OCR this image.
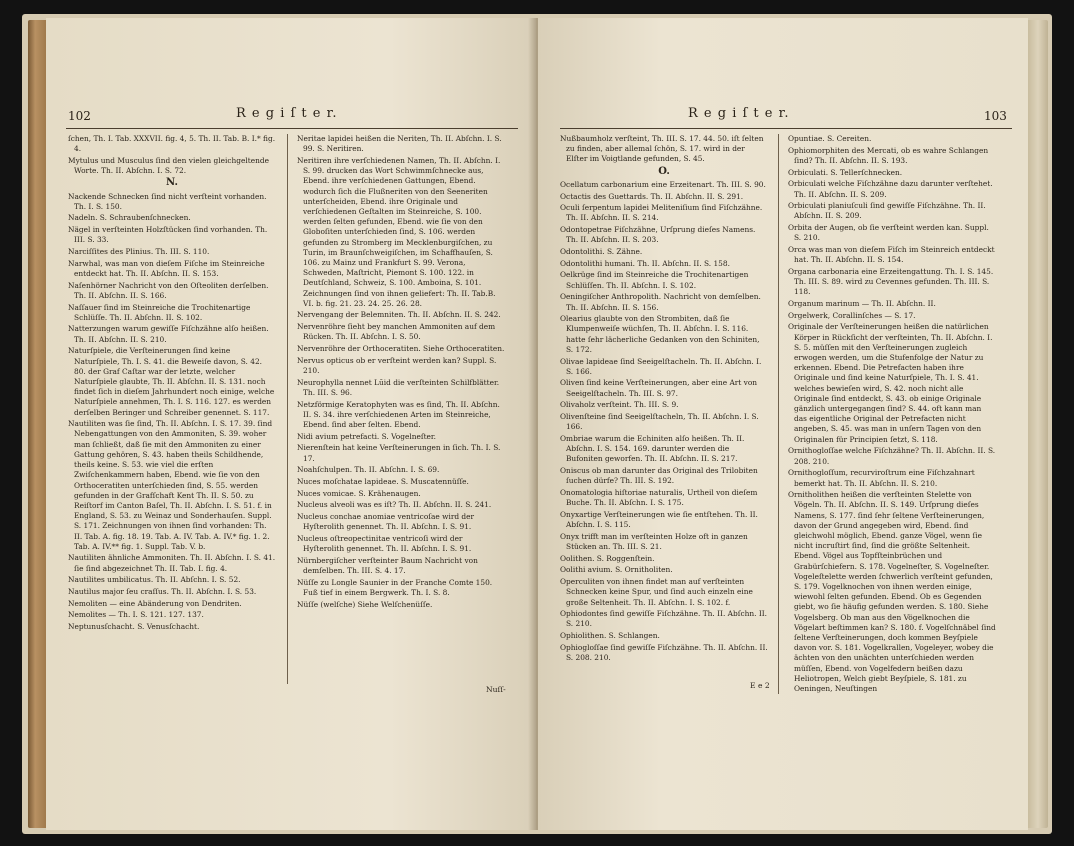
102	R e g i ſ t e r.

ſchen, Th. I. Tab. XXXVII. fig. 4, 5. Th. II. Tab. B. I.* fig. 4.

Mytulus und Musculus ſind den vielen gleichgeltende Worte. Th. II. Abſchn. I. S. 72.

N.

Nackende Schnecken ſind nicht verſteint vorhanden. Th. I. S. 150.

Nadeln. S. Schraubenſchnecken.

Nägel in verſteinten Holzſtücken ſind vorhanden. Th. III. S. 33.

Narciſſites des Plinius. Th. III. S. 110.

Narwhal, was man von dieſem Fiſche im Steinreiche entdeckt hat. Th. II. Abſchn. II. S. 153.

Naſenhörner Nachricht von den Oſteoliten derſelben. Th. II. Abſchn. II. S. 166.

Naſſauer ſind im Steinreiche die Trochitenartige Schlüſſe. Th. II. Abſchn. II. S. 102.

Natterzungen warum gewiſſe Fiſchzähne alſo heißen. Th. II. Abſchn. II. S. 210.

Naturſpiele, die Verſteinerungen ſind keine Naturſpiele, Th. I. S. 41. die Beweiſe davon, S. 42. 80. der Graf Caſtar war der letzte, welcher Naturſpiele glaubte, Th. II. Abſchn. II. S. 131. noch findet ſich in dieſem Jahrhundert noch einige, welche Naturſpiele annehmen, Th. I. S. 116. 127. es werden derſelben Beringer und Schreiber genennet. S. 117.

Nautiliten was ſie ſind, Th. II. Abſchn. I. S. 17. 39. ſind Nebengattungen von den Ammoniten, S. 39. woher man ſchließt, daß ſie mit den Ammoniten zu einer Gattung gehören, S. 43. haben theils Schildhende, theils keine. S. 53. wie viel die erſten Zwiſchenkammern haben, Ebend. wie ſie von den Orthoceratiten unterſchieden ſind, S. 55. werden gefunden in der Grafſchaft Kent Th. II. S. 50. zu Reiſtorf im Canton Baſel, Th. II. Abſchn. I. S. 51. f. in England, S. 53. zu Weinaz und Sonderhauſen. Suppl. S. 171. Zeichnungen von ihnen ſind vorhanden: Th. II. Tab. A. fig. 18. 19. Tab. A. IV. Tab. A. IV.* fig. 1. 2. Tab. A. IV.** fig. 1. Suppl. Tab. V. b.

Nautiliten ähnliche Ammoniten. Th. II. Abſchn. I. S. 41. ſie ſind abgezeichnet Th. II. Tab. I. fig. 4.

Nautilites umbilicatus. Th. II. Abſchn. I. S. 52.

Nautilus major ſeu craſſus. Th. II. Abſchn. I. S. 53.

Nemoliten — eine Abänderung von Dendriten.

Nemolites — Th. I. S. 121. 127. 137.

Neptunusſchacht. S. Venusſchacht.

Neritae lapidei heißen die Neriten, Th. II. Abſchn. I. S. 99. S. Neritiren.

Neritiren ihre verſchiedenen Namen, Th. II. Abſchn. I. S. 99. drucken das Wort Schwimmſchnecke aus, Ebend. ihre verſchiedenen Gattungen, Ebend. wodurch ſich die Flußneriten von den Seeneriten unterſcheiden, Ebend. ihre Originale und verſchiedenen Geſtalten im Steinreiche, S. 100. werden ſelten gefunden, Ebend. wie ſie von den Globoſiten unterſchieden ſind, S. 106. werden gefunden zu Stromberg im Mecklenburgiſchen, zu Turin, im Braunſchweigiſchen, im Schaffhauſen, S. 106. zu Mainz und Frankfurt S. 99. Verona, Schweden, Maſtricht, Piemont S. 100. 122. in Deutſchland, Schweiz, S. 100. Amboina, S. 101. Zeichnungen ſind von ihnen geliefert: Th. II. Tab.B. VI. b. fig. 21. 23. 24. 25. 26. 28.

Nervengang der Belemniten. Th. II. Abſchn. II. S. 242.

Nervenröhre ſieht bey manchen Ammoniten auf dem Rücken. Th. II. Abſchn. I. S. 50.

Nervenröhre der Orthoceratiten. Siehe Orthoceratiten.

Nervus opticus ob er verſteint werden kan? Suppl. S. 210.

Neurophylla nennet Lūid die verſteinten Schilfblätter. Th. III. S. 96.

Netzförmige Keratophyten was es ſind, Th. II. Abſchn. II. S. 34. ihre verſchiedenen Arten im Steinreiche, Ebend. ſind aber ſelten. Ebend.

Nidi avium petrefacti. S. Vogelneſter.

Nierenſtein hat keine Verſteinerungen in ſich. Th. I. S. 17.

Noahſchulpen. Th. II. Abſchn. I. S. 69.

Nuces moſchatae lapideae. S. Muscatennüſſe.

Nuces vomicae. S. Krähenaugen.

Nucleus alveoli was es iſt? Th. II. Abſchn. II. S. 241.

Nucleus conchae anomiae ventricoſae wird der Hyſterolith genennet. Th. II. Abſchn. I. S. 91.

Nucleus oſtreopectinitae ventricoſi wird der Hyſterolith genennet. Th. II. Abſchn. I. S. 91.

Nürnbergiſcher verſteinter Baum Nachricht von demſelben. Th. III. S. 4. 17.

Nüſſe zu Longle Saunier in der Franche Comte 150. Fuß tief in einem Bergwerk. Th. I. S. 8.

Nüſſe (welſche) Siehe Welſchenüſſe.

Nuſſ-
R e g i ſ t e r.	103

Nußbaumholz verſteint, Th. III. S. 17. 44. 50. iſt ſelten zu finden, aber allemal ſchön, S. 17. wird in der Elſter im Voigtlande gefunden, S. 45.

O.

Ocellatum carbonarium eine Erzeitenart. Th. III. S. 90.

Octactis des Guettards. Th. II. Abſchn. II. S. 291.

Oculi ſerpentum lapidei Meliteniſium ſind Fiſchzähne. Th. II. Abſchn. II. S. 214.

Odontopetrae Fiſchzähne, Urſprung dieſes Namens. Th. II. Abſchn. II. S. 203.

Odontolithi. S. Zähne.

Odontolithi humani. Th. II. Abſchn. II. S. 158.

Oelkrüge ſind im Steinreiche die Trochitenartigen Schlüſſen. Th. II. Abſchn. I. S. 102.

Oeningiſcher Anthropolith. Nachricht von demſelben. Th. II. Abſchn. II. S. 156.

Olearius glaubte von den Strombiten, daß ſie Klumpenweiſe wüchſen, Th. II. Abſchn. I. S. 116. hatte ſehr lächerliche Gedanken von den Schiniten, S. 172.

Olivae lapideae ſind Seeigelſtacheln. Th. II. Abſchn. I. S. 166.

Oliven ſind keine Verſteinerungen, aber eine Art von Seeigelſtacheln. Th. III. S. 97.

Olivaholz verſteint. Th. III. S. 9.

Olivenſteine ſind Seeigelſtacheln, Th. II. Abſchn. I. S. 166.

Ombriae warum die Echiniten alſo heißen. Th. II. Abſchn. I. S. 154. 169. darunter werden die Bufoniten geworfen. Th. II. Abſchn. II. S. 217.

Oniscus ob man darunter das Original des Trilobiten ſuchen dürfe? Th. III. S. 192.

Onomatologia hiſtoriae naturalis, Urtheil von dieſem Buche. Th. II. Abſchn. I. S. 175.

Onyxartige Verſteinerungen wie ſie entſtehen. Th. II. Abſchn. I. S. 115.

Onyx trifft man im verſteinten Holze oft in ganzen Stücken an. Th. III. S. 21.

Oolithen. S. Roggenſtein.

Oolithi avium. S. Ornitholiten.

Operculiten von ihnen findet man auf verſteinten Schnecken keine Spur, und ſind auch einzeln eine große Seltenheit. Th. II. Abſchn. I. S. 102. f.

Ophiodontes ſind gewiſſe Fiſchzähne. Th. II. Abſchn. II. S. 210.

Ophiolithen. S. Schlangen.

Ophiogloſſae ſind gewiſſe Fiſchzähne. Th. II. Abſchn. II. S. 208. 210.

Opuntiae. S. Cereiten.

Ophiomorphiten des Mercati, ob es wahre Schlangen ſind? Th. II. Abſchn. II. S. 193.

Orbiculati. S. Tellerſchnecken.

Orbiculati welche Fiſchzähne dazu darunter verſtehet. Th. II. Abſchn. II. S. 209.

Orbiculati planiuſculi ſind gewiſſe Fiſchzähne. Th. II. Abſchn. II. S. 209.

Orbita der Augen, ob ſie verſteint werden kan. Suppl. S. 210.

Orca was man von dieſem Fiſch im Steinreich entdeckt hat. Th. II. Abſchn. II. S. 154.

Organa carbonaria eine Erzeitengattung. Th. I. S. 145. Th. III. S. 89. wird zu Cevennes gefunden. Th. III. S. 118.

Organum marinum — Th. II. Abſchn. II.

Orgelwerk, Corallinſches — S. 17.

Originale der Verſteinerungen heißen die natürlichen Körper in Rückſicht der verſteinten, Th. II. Abſchn. I. S. 5. müſſen mit den Verſteinerungen zugleich erwogen werden, um die Stufenfolge der Natur zu erkennen. Ebend. Die Petrefacten haben ihre Originale und ſind keine Naturſpiele, Th. I. S. 41. welches bewieſen wird, S. 42. noch nicht alle Originale ſind entdeckt, S. 43. ob einige Originale gänzlich untergegangen ſind? S. 44. oft kann man das eigentliche Original der Petrefacten nicht angeben, S. 45. was man in unſern Tagen von den Originalen für Principien ſetzt, S. 118.

Ornithogloſſae welche Fiſchzähne? Th. II. Abſchn. II. S. 208. 210.

Ornithogloſſum, recurviroſtrum eine Fiſchzahnart bemerkt hat. Th. II. Abſchn. II. S. 210.

Ornitholithen heißen die verſteinten Stelette von Vögeln. Th. II. Abſchn. II. S. 149. Urſprung dieſes Namens, S. 177. ſind ſehr ſeltene Verſteinerungen, davon der Grund angegeben wird, Ebend. ſind gleichwohl möglich, Ebend. ganze Vögel, wenn ſie nicht incruſtirt ſind, ſind die größte Seltenheit. Ebend. Vögel aus Topfſteinbrüchen und Grabürſchiefern. S. 178. Vogelneſter, S. Vogelneſter. Vogeleſtelette werden ſchwerlich verſteint gefunden, S. 179. Vogelknochen von ihnen werden einige, wiewohl ſelten gefunden. Ebend. Ob es Gegenden giebt, wo ſie häufig gefunden werden. S. 180. Siehe Vogelsberg. Ob man aus den Vögelknochen die Vögelart beſtimmen kan? S. 180. f. Vogelſchnäbel ſind ſeltene Verſteinerungen, doch kommen Beyſpiele davon vor. S. 181. Vogelkrallen, Vogeleyer, wobey die ächten von den unächten unterſchieden werden müſſen, Ebend. von Vogelfedern beißen dazu Heliotropen, Welch giebt Beyſpiele, S. 181. zu Oeningen, Neuſtingen

E e 2
